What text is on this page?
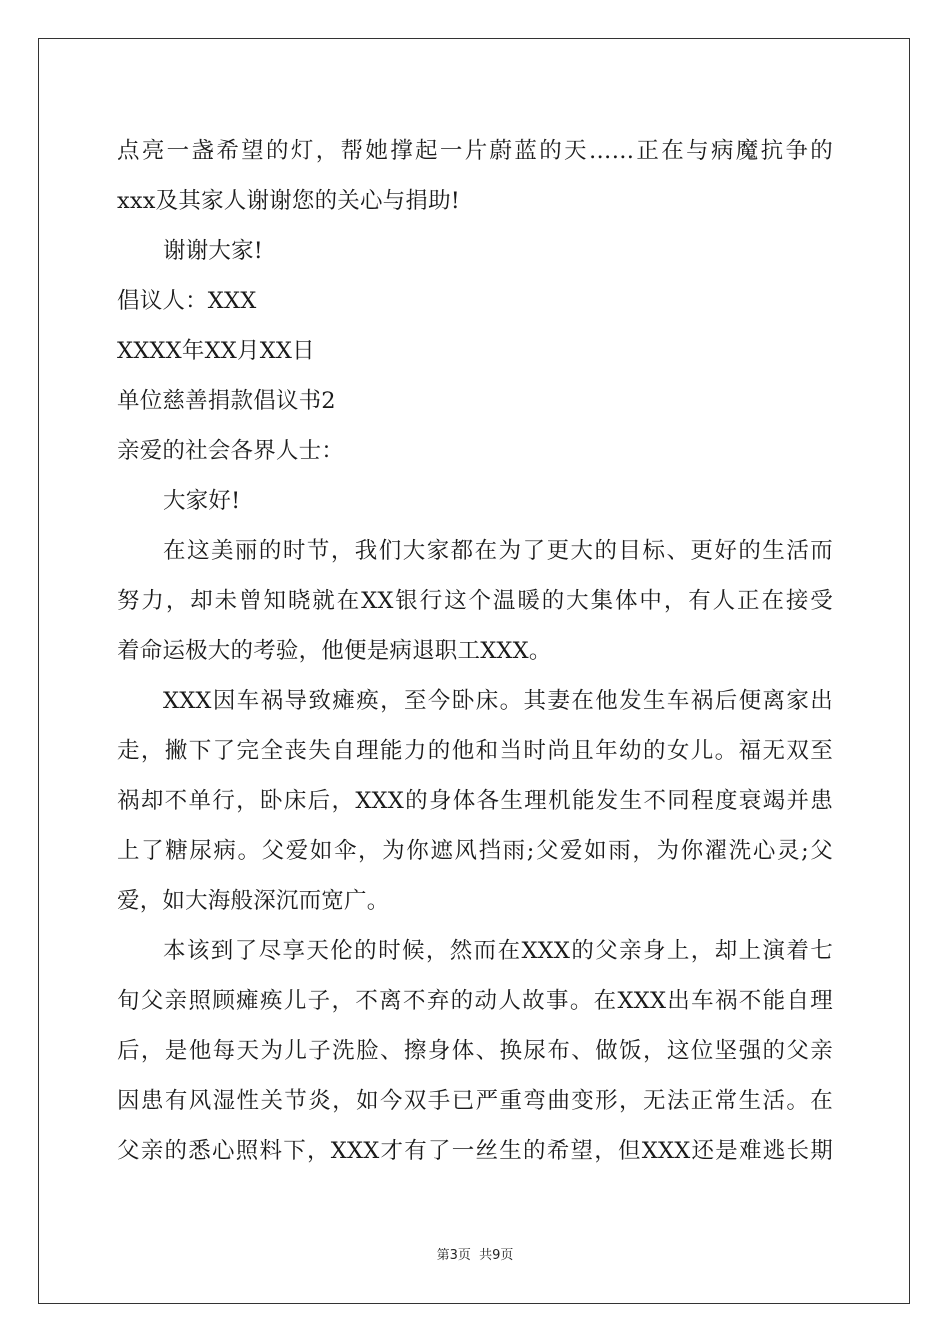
点亮一盏希望的灯，帮她撑起一片蔚蓝的天……正在与病魔抗争的
xxx及其家人谢谢您的关心与捐助!
谢谢大家!
倡议人：XXX
XXXX年XX月XX日
单位慈善捐款倡议书2
亲爱的社会各界人士：
大家好!
在这美丽的时节，我们大家都在为了更大的目标、更好的生活而
努力，却未曾知晓就在XX银行这个温暖的大集体中，有人正在接受
着命运极大的考验，他便是病退职工XXX。
XXX因车祸导致瘫痪，至今卧床。其妻在他发生车祸后便离家出
走，撇下了完全丧失自理能力的他和当时尚且年幼的女儿。福无双至
祸却不单行，卧床后，XXX的身体各生理机能发生不同程度衰竭并患
上了糖尿病。父爱如伞，为你遮风挡雨;父爱如雨，为你濯洗心灵;父
爱，如大海般深沉而宽广。
本该到了尽享天伦的时候，然而在XXX的父亲身上，却上演着七
旬父亲照顾瘫痪儿子，不离不弃的动人故事。在XXX出车祸不能自理
后，是他每天为儿子洗脸、擦身体、换尿布、做饭，这位坚强的父亲
因患有风湿性关节炎，如今双手已严重弯曲变形，无法正常生活。在
父亲的悉心照料下，XXX才有了一丝生的希望，但XXX还是难逃长期
第3页 共9页
